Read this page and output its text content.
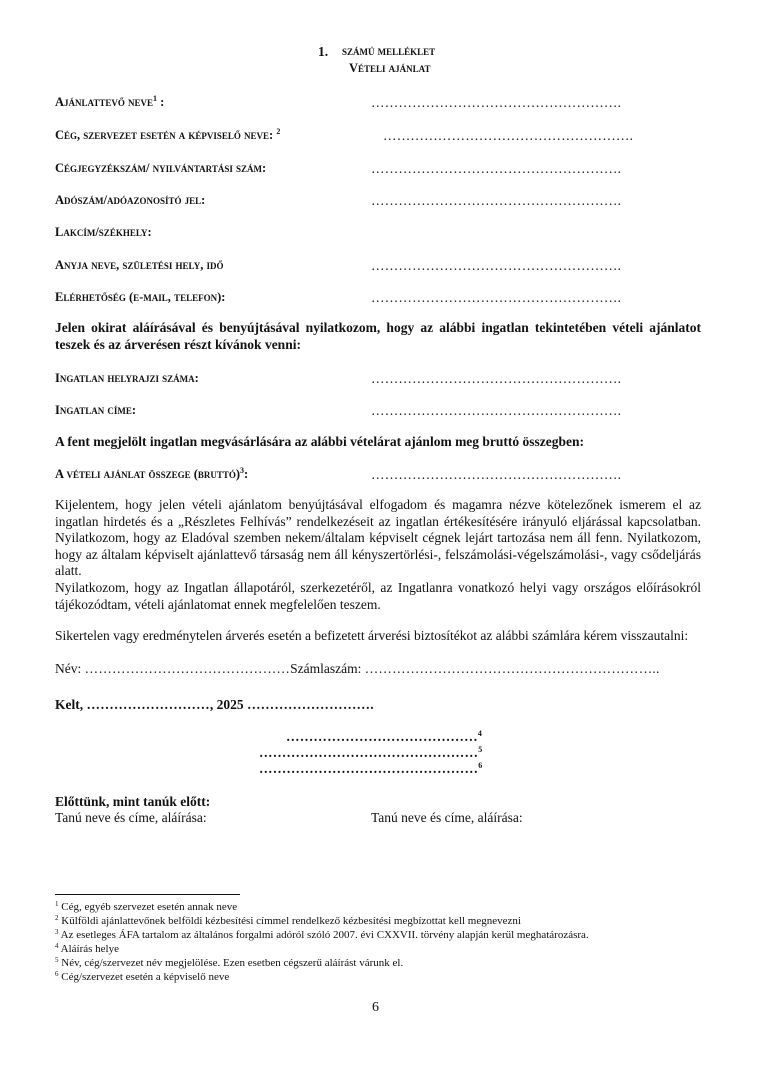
1. számú melléklet
Vételi ajánlat
Ajánlattevő neve$^1$ :	……………………………………………….
Cég, szervezet esetén a képviselő neve: $^2$	……………………………………………….
Cégjegyzékszám/ nyilvántartási szám:	……………………………………………….
Adószám/adóazonosító jel:	……………………………………………….
Lakcím/székhely:
Anyja neve, születési hely, idő	……………………………………………….
Elérhetőség (e-mail, telefon):	……………………………………………….
Jelen okirat aláírásával és benyújtásával nyilatkozom, hogy az alábbi ingatlan tekintetében vételi ajánlatot teszek és az árverésen részt kívánok venni:
Ingatlan helyrajzi száma:	……………………………………………….
Ingatlan címe:	……………………………………………….
A fent megjelölt ingatlan megvásárlására az alábbi vételárat ajánlom meg bruttó összegben:
A vételi ajánlat összege (bruttó)$^3$:	……………………………………………….
Kijelentem, hogy jelen vételi ajánlatom benyújtásával elfogadom és magamra nézve kötelezőnek ismerem el az ingatlan hirdetés és a „Részletes Felhívás” rendelkezéseit az ingatlan értékesítésére irányuló eljárással kapcsolatban. Nyilatkozom, hogy az Eladóval szemben nekem/általam képviselt cégnek lejárt tartozása nem áll fenn. Nyilatkozom, hogy az általam képviselt ajánlattevő társaság nem áll kényszertörlési-, felszámolási-végelszámolási-, vagy csődeljárás alatt.
Nyilatkozom, hogy az Ingatlan állapotáról, szerkezetéről, az Ingatlanra vonatkozó helyi vagy országos előírásokról tájékozódtam, vételi ajánlatomat ennek megfelelően teszem.
Sikertelen vagy eredménytelen árverés esetén a befizetett árverési biztosítékot az alábbi számlára kérem visszautalni:
Név: ………………………………………Számlaszám: ………………………………………………………..
Kelt, ………………………, 2025 ……………………….
……………………………………$^4$
…………………………………………$^5$
…………………………………………$^6$
Előttünk, mint tanúk előtt:
Tanú neve és címe, aláírása:	Tanú neve és címe, aláírása:
$^1$ Cég, egyéb szervezet esetén annak neve
$^2$ Külföldi ajánlattevőnek belföldi kézbesítési címmel rendelkező kézbesítési megbízottat kell megnevezni
$^3$ Az esetleges ÁFA tartalom az általános forgalmi adóról szóló 2007. évi CXXVII. törvény alapján kerül meghatározásra.
$^4$ Aláírás helye
$^5$ Név, cég/szervezet név megjelölése. Ezen esetben cégszerű aláírást várunk el.
$^6$ Cég/szervezet esetén a képviselő neve
6
